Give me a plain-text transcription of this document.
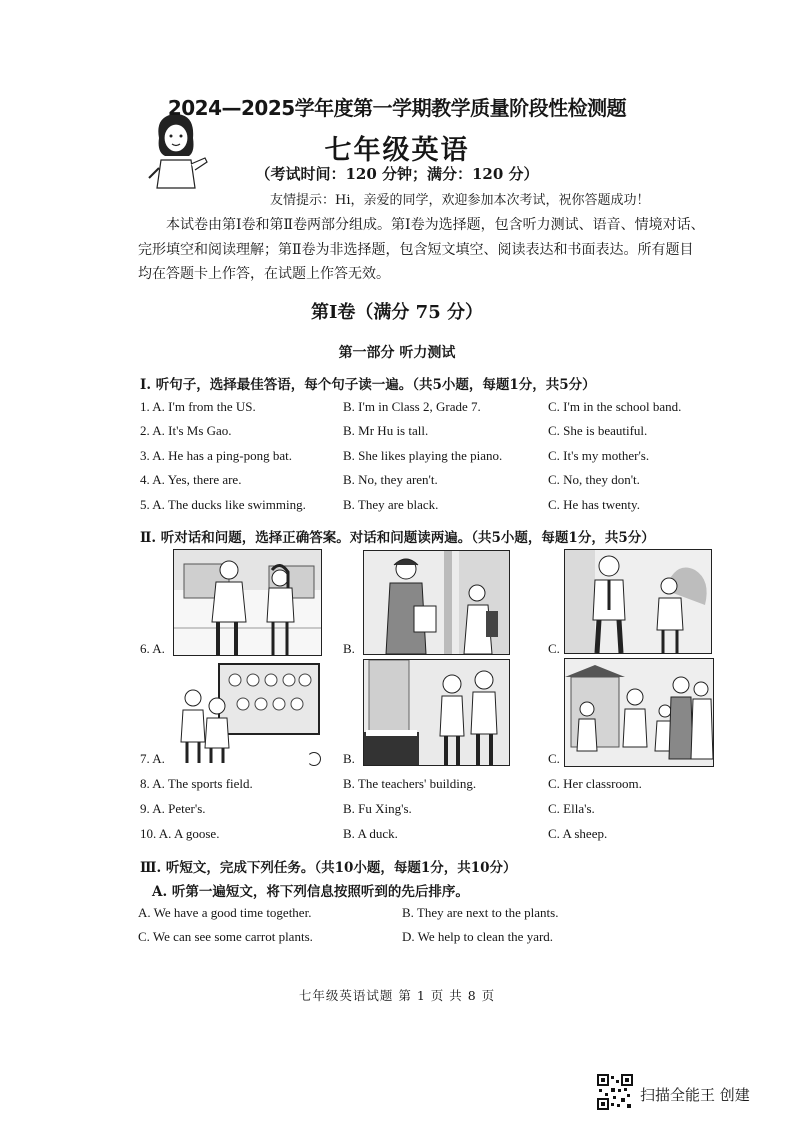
2024—2025学年度第一学期教学质量阶段性检测题
七年级英语
（考试时间：120 分钟；满分：120 分）
友情提示：Hi，亲爱的同学，欢迎参加本次考试，祝你答题成功！
本试卷由第Ⅰ卷和第Ⅱ卷两部分组成。第Ⅰ卷为选择题，包含听力测试、语音、情境对话、完形填空和阅读理解；第Ⅱ卷为非选择题，包含短文填空、阅读表达和书面表达。所有题目均在答题卡上作答，在试题上作答无效。
第Ⅰ卷（满分 75 分）
第一部分 听力测试
Ⅰ. 听句子，选择最佳答语，每个句子读一遍。（共5小题，每题1分，共5分）
1. A. I'm from the US.	B. I'm in Class 2, Grade 7.	C. I'm in the school band.
2. A. It's Ms Gao.	B. Mr Hu is tall.	C. She is beautiful.
3. A. He has a ping-pong bat.	B. She likes playing the piano.	C. It's my mother's.
4. A. Yes, there are.	B. No, they aren't.	C. No, they don't.
5. A. The ducks like swimming.	B. They are black.	C. He has twenty.
Ⅱ. 听对话和问题，选择正确答案。对话和问题读两遍。（共5小题，每题1分，共5分）
6. A.	B.	C.
7. A.	B.	C.
8. A. The sports field.	B. The teachers' building.	C. Her classroom.
9. A. Peter's.	B. Fu Xing's.	C. Ella's.
10. A. A goose.	B. A duck.	C. A sheep.
Ⅲ. 听短文，完成下列任务。（共10小题，每题1分，共10分）
A. 听第一遍短文，将下列信息按照听到的先后排序。
A. We have a good time together.	B. They are next to the plants.
C. We can see some carrot plants.	D. We help to clean the yard.
七年级英语试题 第 1 页 共 8 页
扫描全能王 创建
